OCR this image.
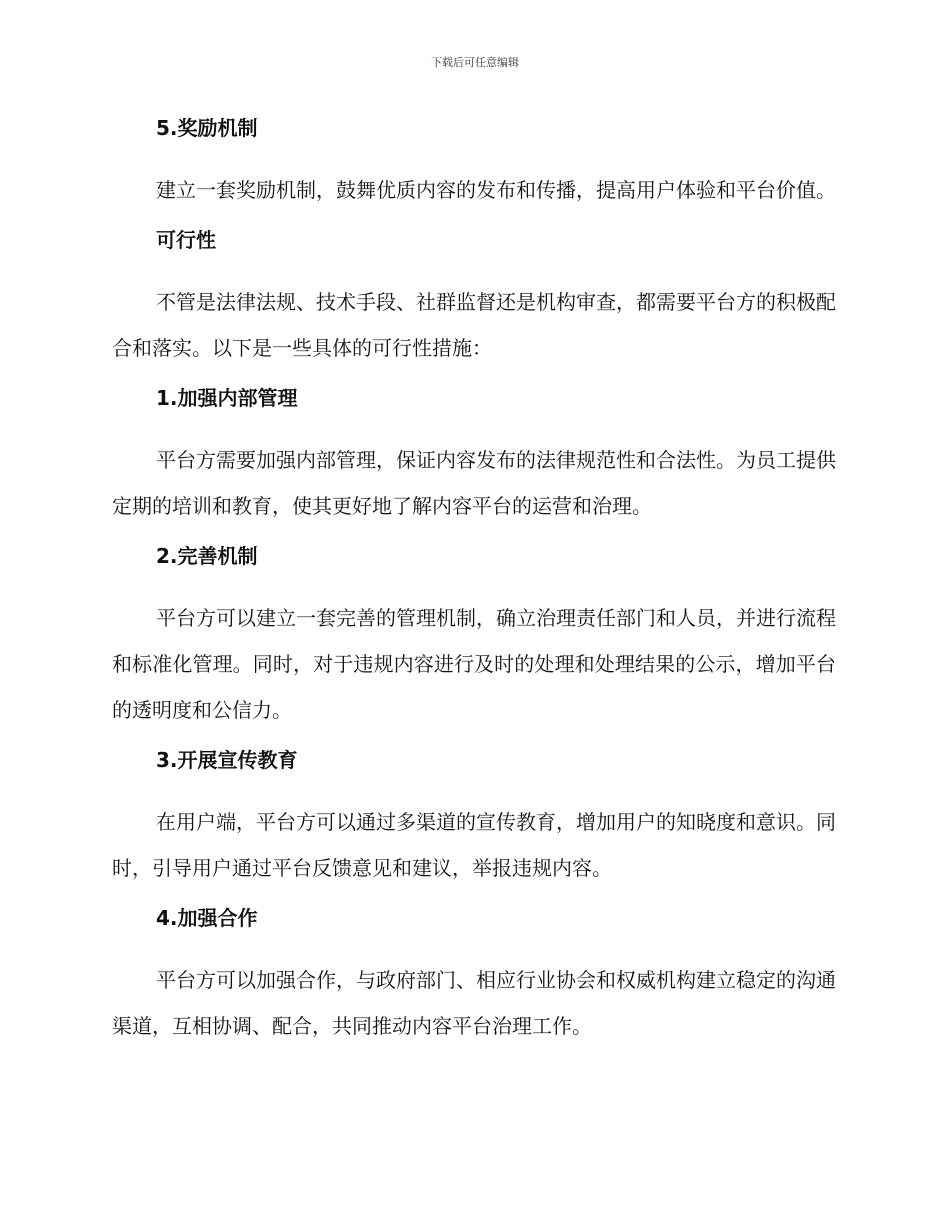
下载后可任意编辑
5.奖励机制

建立一套奖励机制，鼓舞优质内容的发布和传播，提高用户体验和平台价值。

可行性

不管是法律法规、技术手段、社群监督还是机构审查，都需要平台方的积极配合和落实。以下是一些具体的可行性措施：

1.加强内部管理

平台方需要加强内部管理，保证内容发布的法律规范性和合法性。为员工提供定期的培训和教育，使其更好地了解内容平台的运营和治理。

2.完善机制

平台方可以建立一套完善的管理机制，确立治理责任部门和人员，并进行流程和标准化管理。同时，对于违规内容进行及时的处理和处理结果的公示，增加平台的透明度和公信力。

3.开展宣传教育

在用户端，平台方可以通过多渠道的宣传教育，增加用户的知晓度和意识。同时，引导用户通过平台反馈意见和建议，举报违规内容。

4.加强合作

平台方可以加强合作，与政府部门、相应行业协会和权威机构建立稳定的沟通渠道，互相协调、配合，共同推动内容平台治理工作。
